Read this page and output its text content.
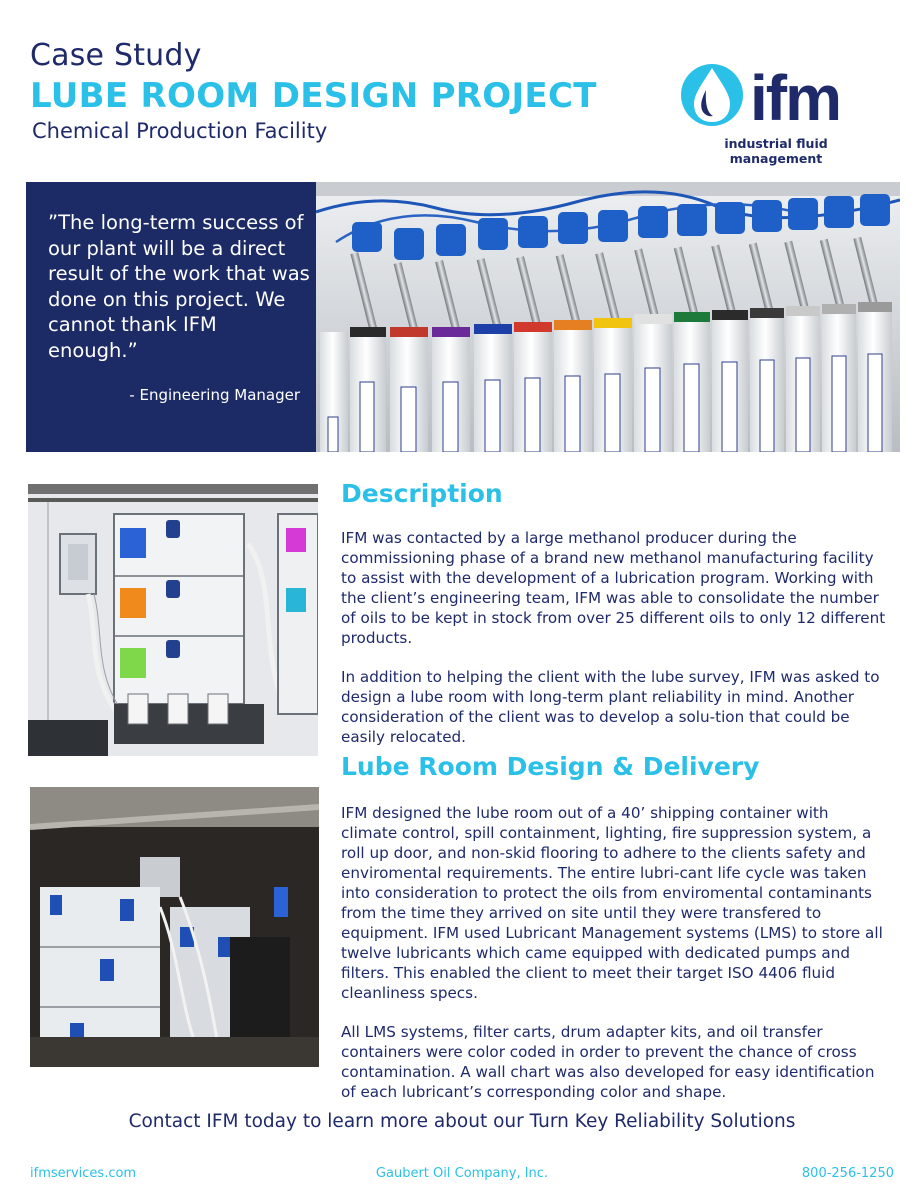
Case Study
LUBE ROOM DESIGN PROJECT
Chemical Production Facility	ifm
industrial fluid management
”The long-term success of our plant will be a direct result of the work that was done on this project. We cannot thank IFM enough.”
- Engineering Manager
Description
IFM was contacted by a large methanol producer during the commissioning phase of a brand new methanol manufacturing facility to assist with the development of a lubrication program. Working with the client’s engineering team, IFM was able to consolidate the number of oils to be kept in stock from over 25 different oils to only 12 different products.
In addition to helping the client with the lube survey, IFM was asked to design a lube room with long-term plant reliability in mind. Another consideration of the client was to develop a solu-tion that could be easily relocated.
Lube Room Design & Delivery
IFM designed the lube room out of a 40’ shipping container with climate control, spill containment, lighting, fire suppression system, a roll up door, and non-skid flooring to adhere to the clients safety and enviromental requirements. The entire lubri-cant life cycle was taken into consideration to protect the oils from enviromental contaminants from the time they arrived on site until they were transfered to equipment. IFM used Lubricant Management systems (LMS) to store all twelve lubricants which came equipped with dedicated pumps and filters. This enabled the client to meet their target ISO 4406 fluid cleanliness specs.
All LMS systems, filter carts, drum adapter kits, and oil transfer containers were color coded in order to prevent the chance of cross contamination. A wall chart was also developed for easy identification of each lubricant’s corresponding color and shape.
Contact IFM today to learn more about our Turn Key Reliability Solutions
ifmservices.com	Gaubert Oil Company, Inc.	800-256-1250
